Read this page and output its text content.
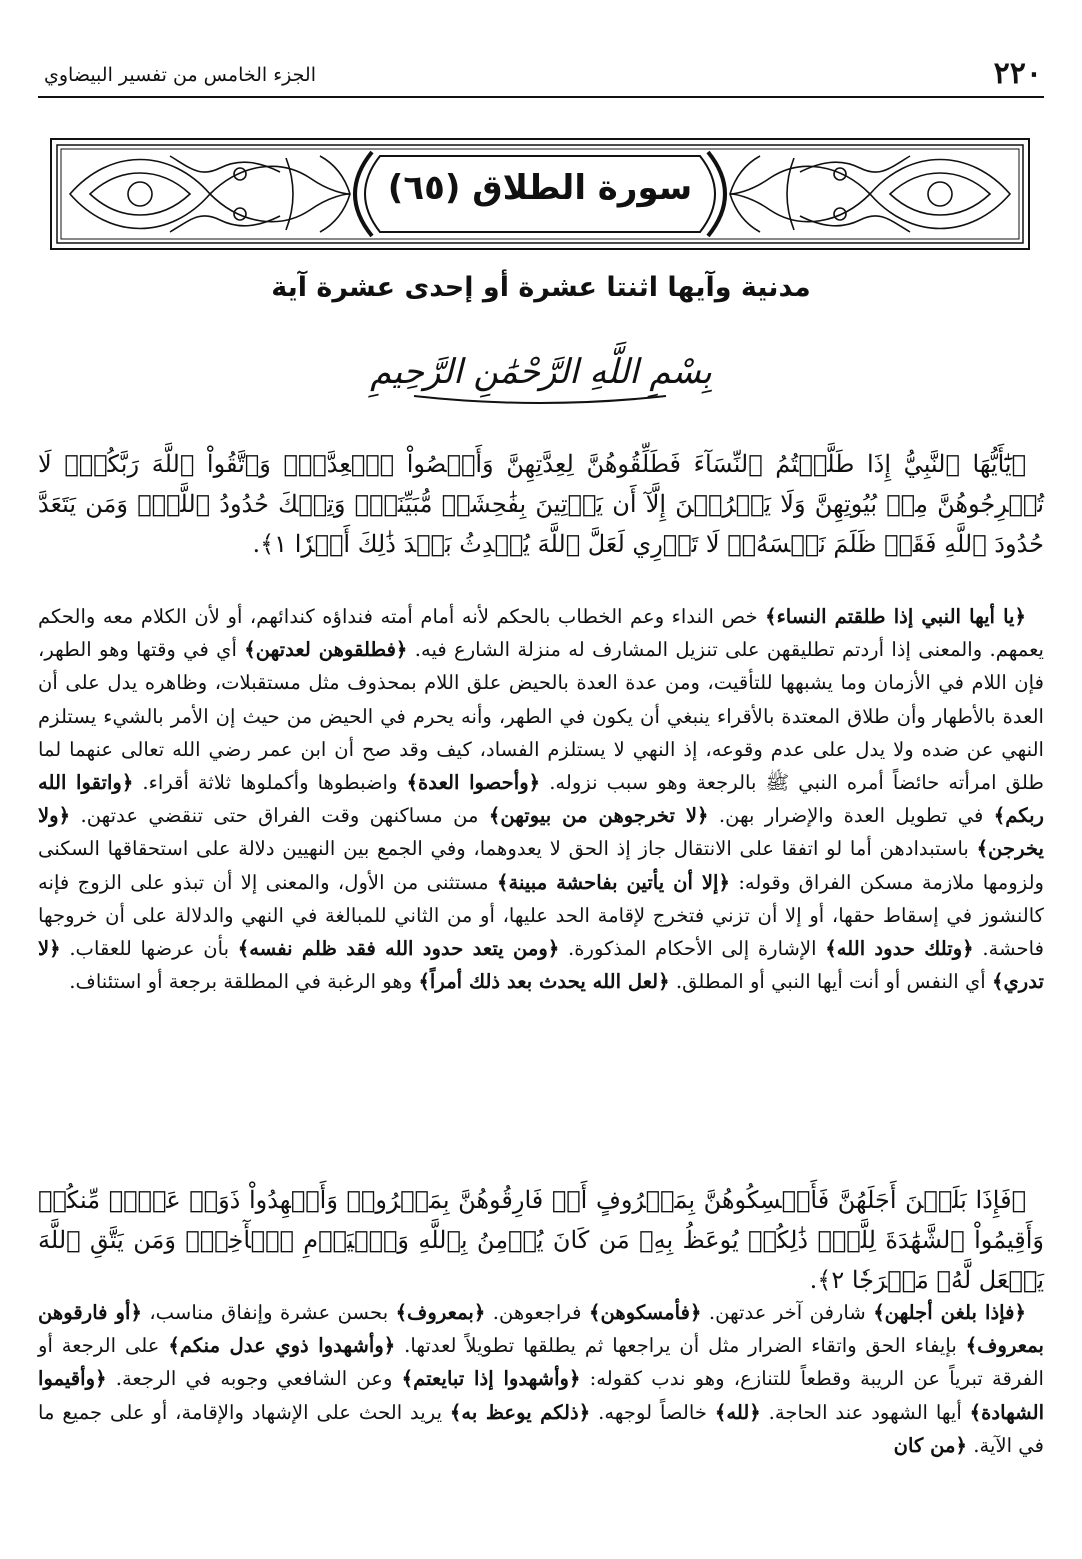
٢٢٠
الجزء الخامس من تفسير البيضاوي
سورة الطلاق (٦٥)
مدنية وآيها اثنتا عشرة أو إحدى عشرة آية
بِسْمِ اللَّهِ الرَّحْمَٰنِ الرَّحِيمِ

﴿يَٰٓأَيُّهَا ٱلنَّبِيُّ إِذَا طَلَّقۡتُمُ ٱلنِّسَآءَ فَطَلِّقُوهُنَّ لِعِدَّتِهِنَّ وَأَحۡصُواْ ٱلۡعِدَّةَۖ وَٱتَّقُواْ ٱللَّهَ رَبَّكُمۡۖ لَا تُخۡرِجُوهُنَّ مِنۢ بُيُوتِهِنَّ وَلَا يَخۡرُجۡنَ إِلَّآ أَن يَأۡتِينَ بِفَٰحِشَةٖ مُّبَيِّنَةٖۚ وَتِلۡكَ حُدُودُ ٱللَّهِۚ وَمَن يَتَعَدَّ حُدُودَ ٱللَّهِ فَقَدۡ ظَلَمَ نَفۡسَهُۥۚ لَا تَدۡرِي لَعَلَّ ٱللَّهَ يُحۡدِثُ بَعۡدَ ذَٰلِكَ أَمۡرٗا ١﴾.

﴿يا أيها النبي إذا طلقتم النساء﴾ خص النداء وعم الخطاب بالحكم لأنه أمام أمته فنداؤه كندائهم، أو لأن الكلام معه والحكم يعمهم. والمعنى إذا أردتم تطليقهن على تنزيل المشارف له منزلة الشارع فيه. ﴿فطلقوهن لعدتهن﴾ أي في وقتها وهو الطهر، فإن اللام في الأزمان وما يشبهها للتأقيت، ومن عدة العدة بالحيض علق اللام بمحذوف مثل مستقبلات، وظاهره يدل على أن العدة بالأطهار وأن طلاق المعتدة بالأقراء ينبغي أن يكون في الطهر، وأنه يحرم في الحيض من حيث إن الأمر بالشيء يستلزم النهي عن ضده ولا يدل على عدم وقوعه، إذ النهي لا يستلزم الفساد، كيف وقد صح أن ابن عمر رضي الله تعالى عنهما لما طلق امرأته حائضاً أمره النبي ﷺ بالرجعة وهو سبب نزوله. ﴿وأحصوا العدة﴾ واضبطوها وأكملوها ثلاثة أقراء. ﴿واتقوا الله ربكم﴾ في تطويل العدة والإضرار بهن. ﴿لا تخرجوهن من بيوتهن﴾ من مساكنهن وقت الفراق حتى تنقضي عدتهن. ﴿ولا يخرجن﴾ باستبدادهن أما لو اتفقا على الانتقال جاز إذ الحق لا يعدوهما، وفي الجمع بين النهيين دلالة على استحقاقها السكنى ولزومها ملازمة مسكن الفراق وقوله: ﴿إلا أن يأتين بفاحشة مبينة﴾ مستثنى من الأول، والمعنى إلا أن تبذو على الزوج فإنه كالنشوز في إسقاط حقها، أو إلا أن تزني فتخرج لإقامة الحد عليها، أو من الثاني للمبالغة في النهي والدلالة على أن خروجها فاحشة. ﴿وتلك حدود الله﴾ الإشارة إلى الأحكام المذكورة. ﴿ومن يتعد حدود الله فقد ظلم نفسه﴾ بأن عرضها للعقاب. ﴿لا تدري﴾ أي النفس أو أنت أيها النبي أو المطلق. ﴿لعل الله يحدث بعد ذلك أمراً﴾ وهو الرغبة في المطلقة برجعة أو استئناف.

﴿فَإِذَا بَلَغۡنَ أَجَلَهُنَّ فَأَمۡسِكُوهُنَّ بِمَعۡرُوفٍ أَوۡ فَارِقُوهُنَّ بِمَعۡرُوفٖ وَأَشۡهِدُواْ ذَوَيۡ عَدۡلٖ مِّنكُمۡ وَأَقِيمُواْ ٱلشَّهَٰدَةَ لِلَّهِۚ ذَٰلِكُمۡ يُوعَظُ بِهِۦ مَن كَانَ يُؤۡمِنُ بِٱللَّهِ وَٱلۡيَوۡمِ ٱلۡأٓخِرِۚ وَمَن يَتَّقِ ٱللَّهَ يَجۡعَل لَّهُۥ مَخۡرَجٗا ٢﴾.

﴿فإذا بلغن أجلهن﴾ شارفن آخر عدتهن. ﴿فأمسكوهن﴾ فراجعوهن. ﴿بمعروف﴾ بحسن عشرة وإنفاق مناسب، ﴿أو فارقوهن بمعروف﴾ بإيفاء الحق واتقاء الضرار مثل أن يراجعها ثم يطلقها تطويلاً لعدتها. ﴿وأشهدوا ذوي عدل منكم﴾ على الرجعة أو الفرقة تبرياً عن الريبة وقطعاً للتنازع، وهو ندب كقوله: ﴿وأشهدوا إذا تبايعتم﴾ وعن الشافعي وجوبه في الرجعة. ﴿وأقيموا الشهادة﴾ أيها الشهود عند الحاجة. ﴿لله﴾ خالصاً لوجهه. ﴿ذلكم يوعظ به﴾ يريد الحث على الإشهاد والإقامة، أو على جميع ما في الآية. ﴿من كان
